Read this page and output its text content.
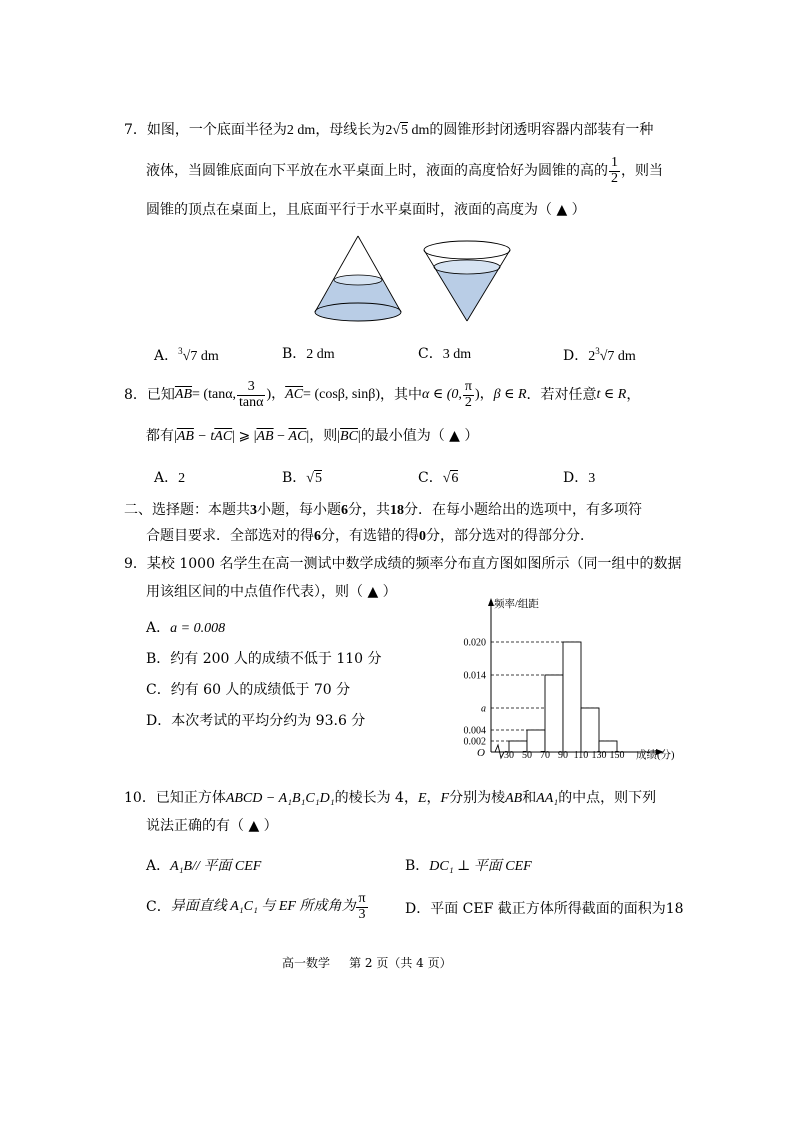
7．如图，一个底面半径为2 dm，母线长为2√5 dm的圆锥形封闭透明容器内部装有一种
液体，当圆锥底面向下平放在水平桌面上时，液面的高度恰好为圆锥的高的 $\frac{1}{2}$ ，则当
圆锥的顶点在桌面上，且底面平行于水平桌面时，液面的高度为（ ▲ ）
A．$^3$√7 dm	B．2 dm	C．3 dm	D．$2^3√7$ dm
8．已知$\overline{AB}= (\tan\alpha$, $\frac{3}{\tan\alpha}$ )，$\overline{AC}= (\cos\beta$, sinβ)，其中α ∈ (0, $\frac{\pi}{2}$ )，β ∈ R．若对任意t ∈ R，
都有$|\overline{AB} - t\overline{AC}|$ ⩾ $|\overline{AB} - \overline{AC}|$，则$|\overline{BC}|$的最小值为（ ▲ ）
A．2	B．√5	C．√6	D．3
二、选择题：本题共3小题，每小题6分，共18分．在每小题给出的选项中，有多项符
合题目要求．全部选对的得6分，有选错的得0分，部分选对的得部分分．
9．某校 1000 名学生在高一测试中数学成绩的频率分布直方图如图所示（同一组中的数据
用该组区间的中点值作代表），则（ ▲ ）
A．a = 0.008
B．约有 200 人的成绩不低于 110 分
C．约有 60 人的成绩低于 70 分
D．本次考试的平均分约为 93.6 分
频率/组距
成绩(分)
O
0.002
0.004
a
0.014
0.020
30 50 70 90 110 130 150
10．已知正方体ABCD − A₁B₁C₁D₁的棱长为 4，E，F分别为棱AB和AA₁的中点，则下列
说法正确的有（ ▲ ）
A．A₁B// 平面 CEF	B．DC₁ ⊥ 平面 CEF
C．异面直线 A₁C₁ 与 EF 所成角为 $\frac{\pi}{3}$	D．平面 CEF 截正方体所得截面的面积为18
高一数学 第 2 页（共 4 页）
